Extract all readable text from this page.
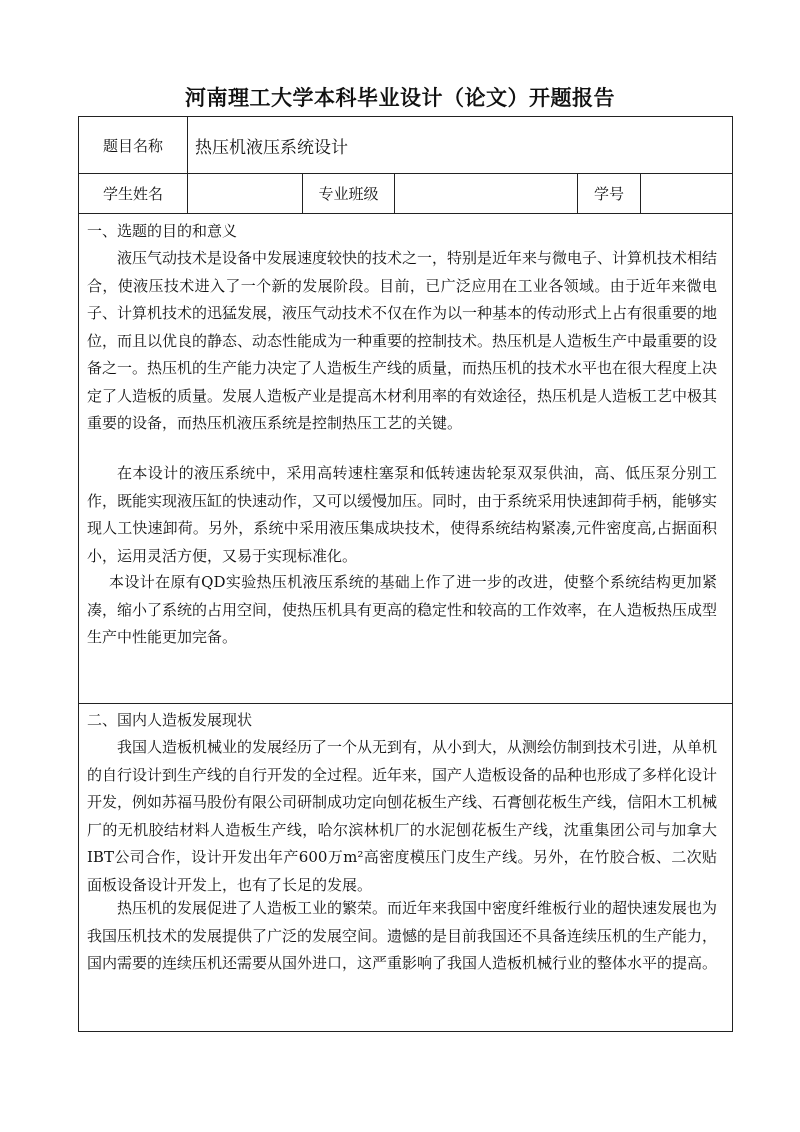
河南理工大学本科毕业设计（论文）开题报告
题目名称	热压机液压系统设计
学生姓名	专业班级	学号
一、选题的目的和意义
液压气动技术是设备中发展速度较快的技术之一，特别是近年来与微电子、计算机技术相结合，使液压技术进入了一个新的发展阶段。目前，已广泛应用在工业各领域。由于近年来微电子、计算机技术的迅猛发展，液压气动技术不仅在作为以一种基本的传动形式上占有很重要的地位，而且以优良的静态、动态性能成为一种重要的控制技术。热压机是人造板生产中最重要的设备之一。热压机的生产能力决定了人造板生产线的质量，而热压机的技术水平也在很大程度上决定了人造板的质量。发展人造板产业是提高木材利用率的有效途径，热压机是人造板工艺中极其重要的设备，而热压机液压系统是控制热压工艺的关键。
在本设计的液压系统中，采用高转速柱塞泵和低转速齿轮泵双泵供油，高、低压泵分别工作，既能实现液压缸的快速动作，又可以缓慢加压。同时，由于系统采用快速卸荷手柄，能够实现人工快速卸荷。另外，系统中采用液压集成块技术，使得系统结构紧凑,元件密度高,占据面积小，运用灵活方便，又易于实现标准化。
本设计在原有QD实验热压机液压系统的基础上作了进一步的改进，使整个系统结构更加紧凑，缩小了系统的占用空间，使热压机具有更高的稳定性和较高的工作效率，在人造板热压成型生产中性能更加完备。
二、国内人造板发展现状
我国人造板机械业的发展经历了一个从无到有，从小到大，从测绘仿制到技术引进，从单机的自行设计到生产线的自行开发的全过程。近年来，国产人造板设备的品种也形成了多样化设计开发，例如苏福马股份有限公司研制成功定向刨花板生产线、石膏刨花板生产线，信阳木工机械厂的无机胶结材料人造板生产线，哈尔滨林机厂的水泥刨花板生产线，沈重集团公司与加拿大IBT公司合作，设计开发出年产600万m²高密度模压门皮生产线。另外，在竹胶合板、二次贴面板设备设计开发上，也有了长足的发展。
热压机的发展促进了人造板工业的繁荣。而近年来我国中密度纤维板行业的超快速发展也为我国压机技术的发展提供了广泛的发展空间。遗憾的是目前我国还不具备连续压机的生产能力，国内需要的连续压机还需要从国外进口，这严重影响了我国人造板机械行业的整体水平的提高。
